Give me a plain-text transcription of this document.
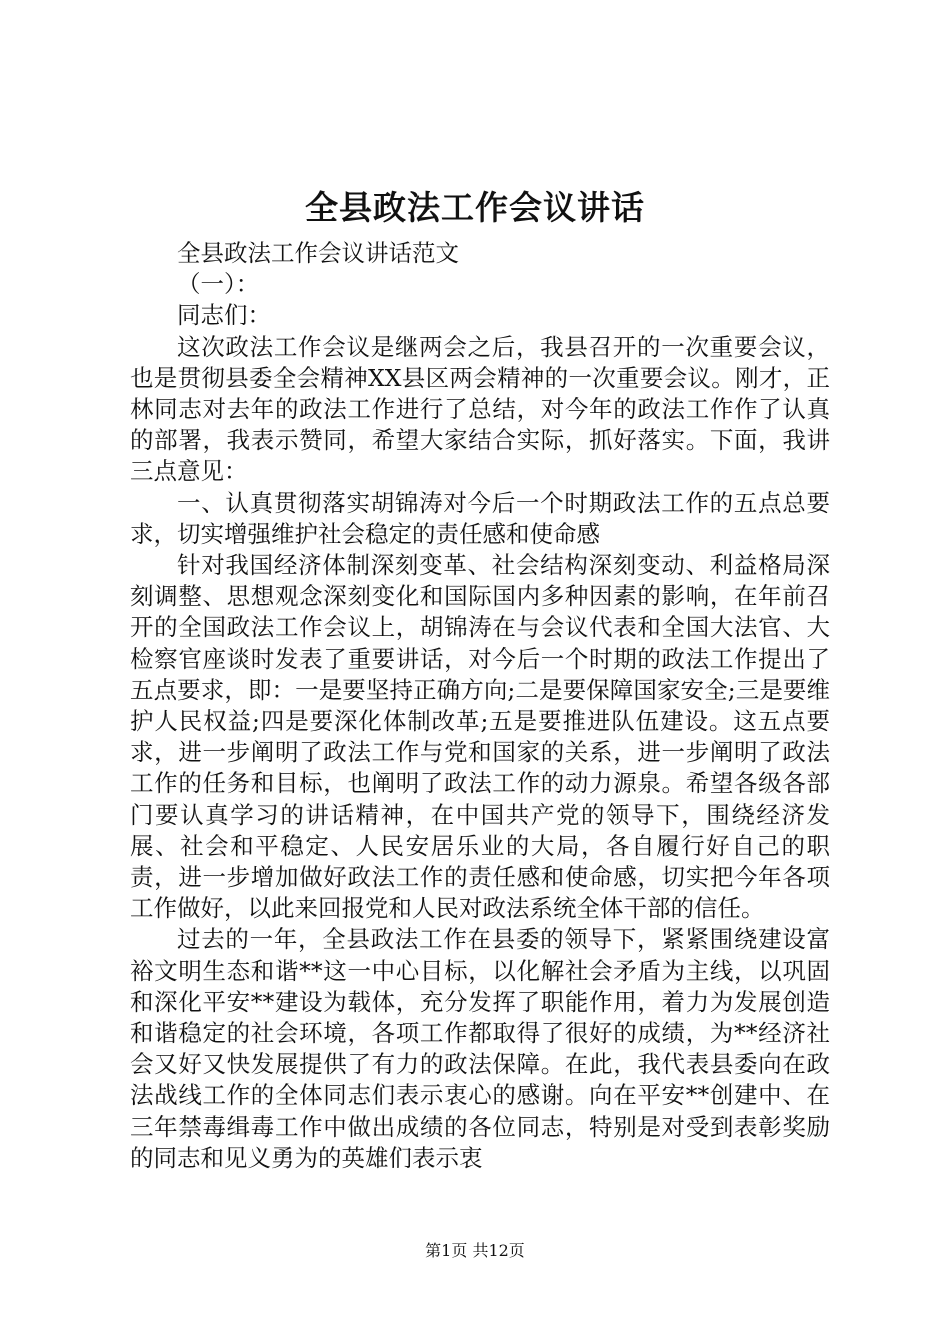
全县政法工作会议讲话

全县政法工作会议讲话范文

（一）：

同志们：

这次政法工作会议是继两会之后，我县召开的一次重要会议，也是贯彻县委全会精神XX县区两会精神的一次重要会议。刚才，正林同志对去年的政法工作进行了总结，对今年的政法工作作了认真的部署，我表示赞同，希望大家结合实际，抓好落实。下面，我讲三点意见：

一、认真贯彻落实胡锦涛对今后一个时期政法工作的五点总要求，切实增强维护社会稳定的责任感和使命感

针对我国经济体制深刻变革、社会结构深刻变动、利益格局深刻调整、思想观念深刻变化和国际国内多种因素的影响，在年前召开的全国政法工作会议上，胡锦涛在与会议代表和全国大法官、大检察官座谈时发表了重要讲话，对今后一个时期的政法工作提出了五点要求，即：一是要坚持正确方向;二是要保障国家安全;三是要维护人民权益;四是要深化体制改革;五是要推进队伍建设。这五点要求，进一步阐明了政法工作与党和国家的关系，进一步阐明了政法工作的任务和目标，也阐明了政法工作的动力源泉。希望各级各部门要认真学习的讲话精神，在中国共产党的领导下，围绕经济发展、社会和平稳定、人民安居乐业的大局，各自履行好自己的职责，进一步增加做好政法工作的责任感和使命感，切实把今年各项工作做好，以此来回报党和人民对政法系统全体干部的信任。

过去的一年，全县政法工作在县委的领导下，紧紧围绕建设富裕文明生态和谐**这一中心目标，以化解社会矛盾为主线，以巩固和深化平安**建设为载体，充分发挥了职能作用，着力为发展创造和谐稳定的社会环境，各项工作都取得了很好的成绩，为**经济社会又好又快发展提供了有力的政法保障。在此，我代表县委向在政法战线工作的全体同志们表示衷心的感谢。向在平安**创建中、在三年禁毒缉毒工作中做出成绩的各位同志，特别是对受到表彰奖励的同志和见义勇为的英雄们表示衷

第1页 共12页
